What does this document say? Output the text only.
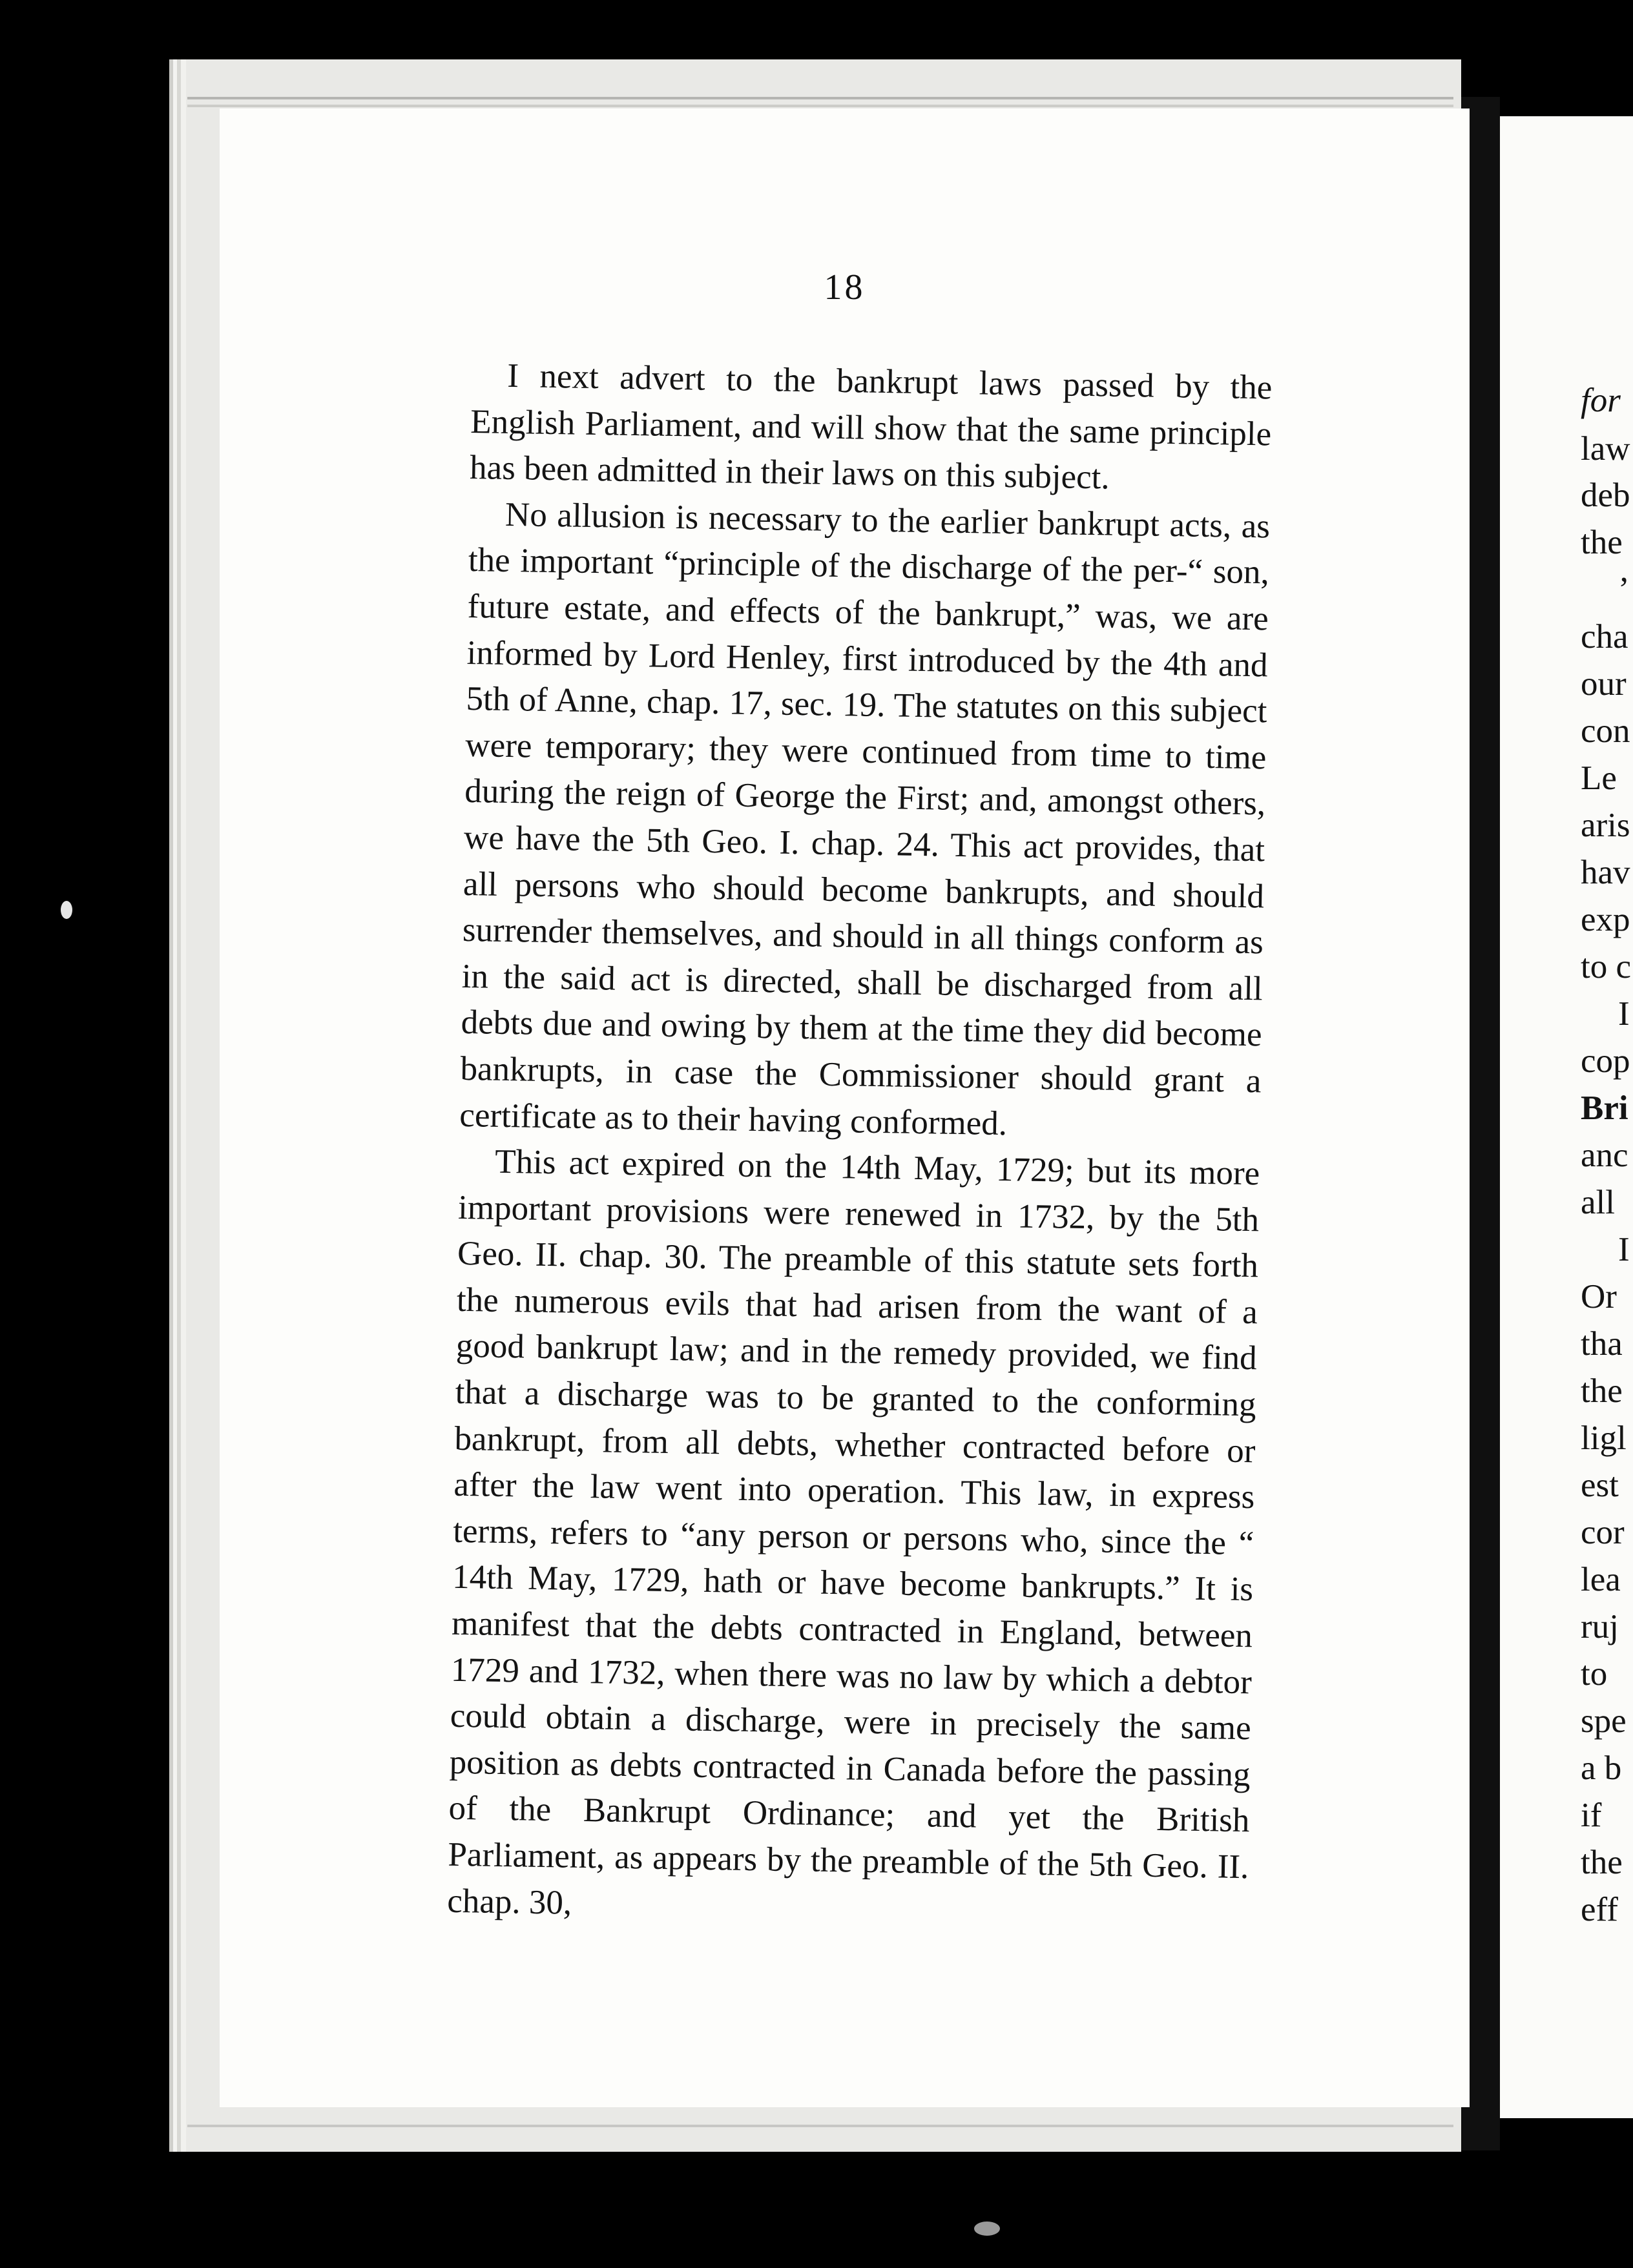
18

I next advert to the bankrupt laws passed by the English Parliament, and will show that the same principle has been admitted in their laws on this subject.

No allusion is necessary to the earlier bankrupt acts, as the important “principle of the discharge of the per-“ son, future estate, and effects of the bankrupt,” was, we are informed by Lord Henley, first introduced by the 4th and 5th of Anne, chap. 17, sec. 19. The statutes on this subject were temporary; they were continued from time to time during the reign of George the First; and, amongst others, we have the 5th Geo. I. chap. 24. This act provides, that all persons who should become bankrupts, and should surrender themselves, and should in all things conform as in the said act is directed, shall be discharged from all debts due and owing by them at the time they did become bankrupts, in case the Commissioner should grant a certificate as to their having conformed.

This act expired on the 14th May, 1729; but its more important provisions were renewed in 1732, by the 5th Geo. II. chap. 30. The preamble of this statute sets forth the numerous evils that had arisen from the want of a good bankrupt law; and in the remedy provided, we find that a discharge was to be granted to the conforming bankrupt, from all debts, whether contracted before or after the law went into operation. This law, in express terms, refers to “any person or persons who, since the “ 14th May, 1729, hath or have become bankrupts.” It is manifest that the debts contracted in England, between 1729 and 1732, when there was no law by which a debtor could obtain a discharge, were in precisely the same position as debts contracted in Canada before the passing of the Bankrupt Ordinance; and yet the British Parliament, as appears by the preamble of the 5th Geo. II. chap. 30,

for
law
deb
the
’
cha
our
con
Le
aris
hav
exp
to c
I
cop
Bri
anc
all
I
Or
tha
the
ligl
est
cor
lea
ruj
to
spe
a b
if
the
eff
